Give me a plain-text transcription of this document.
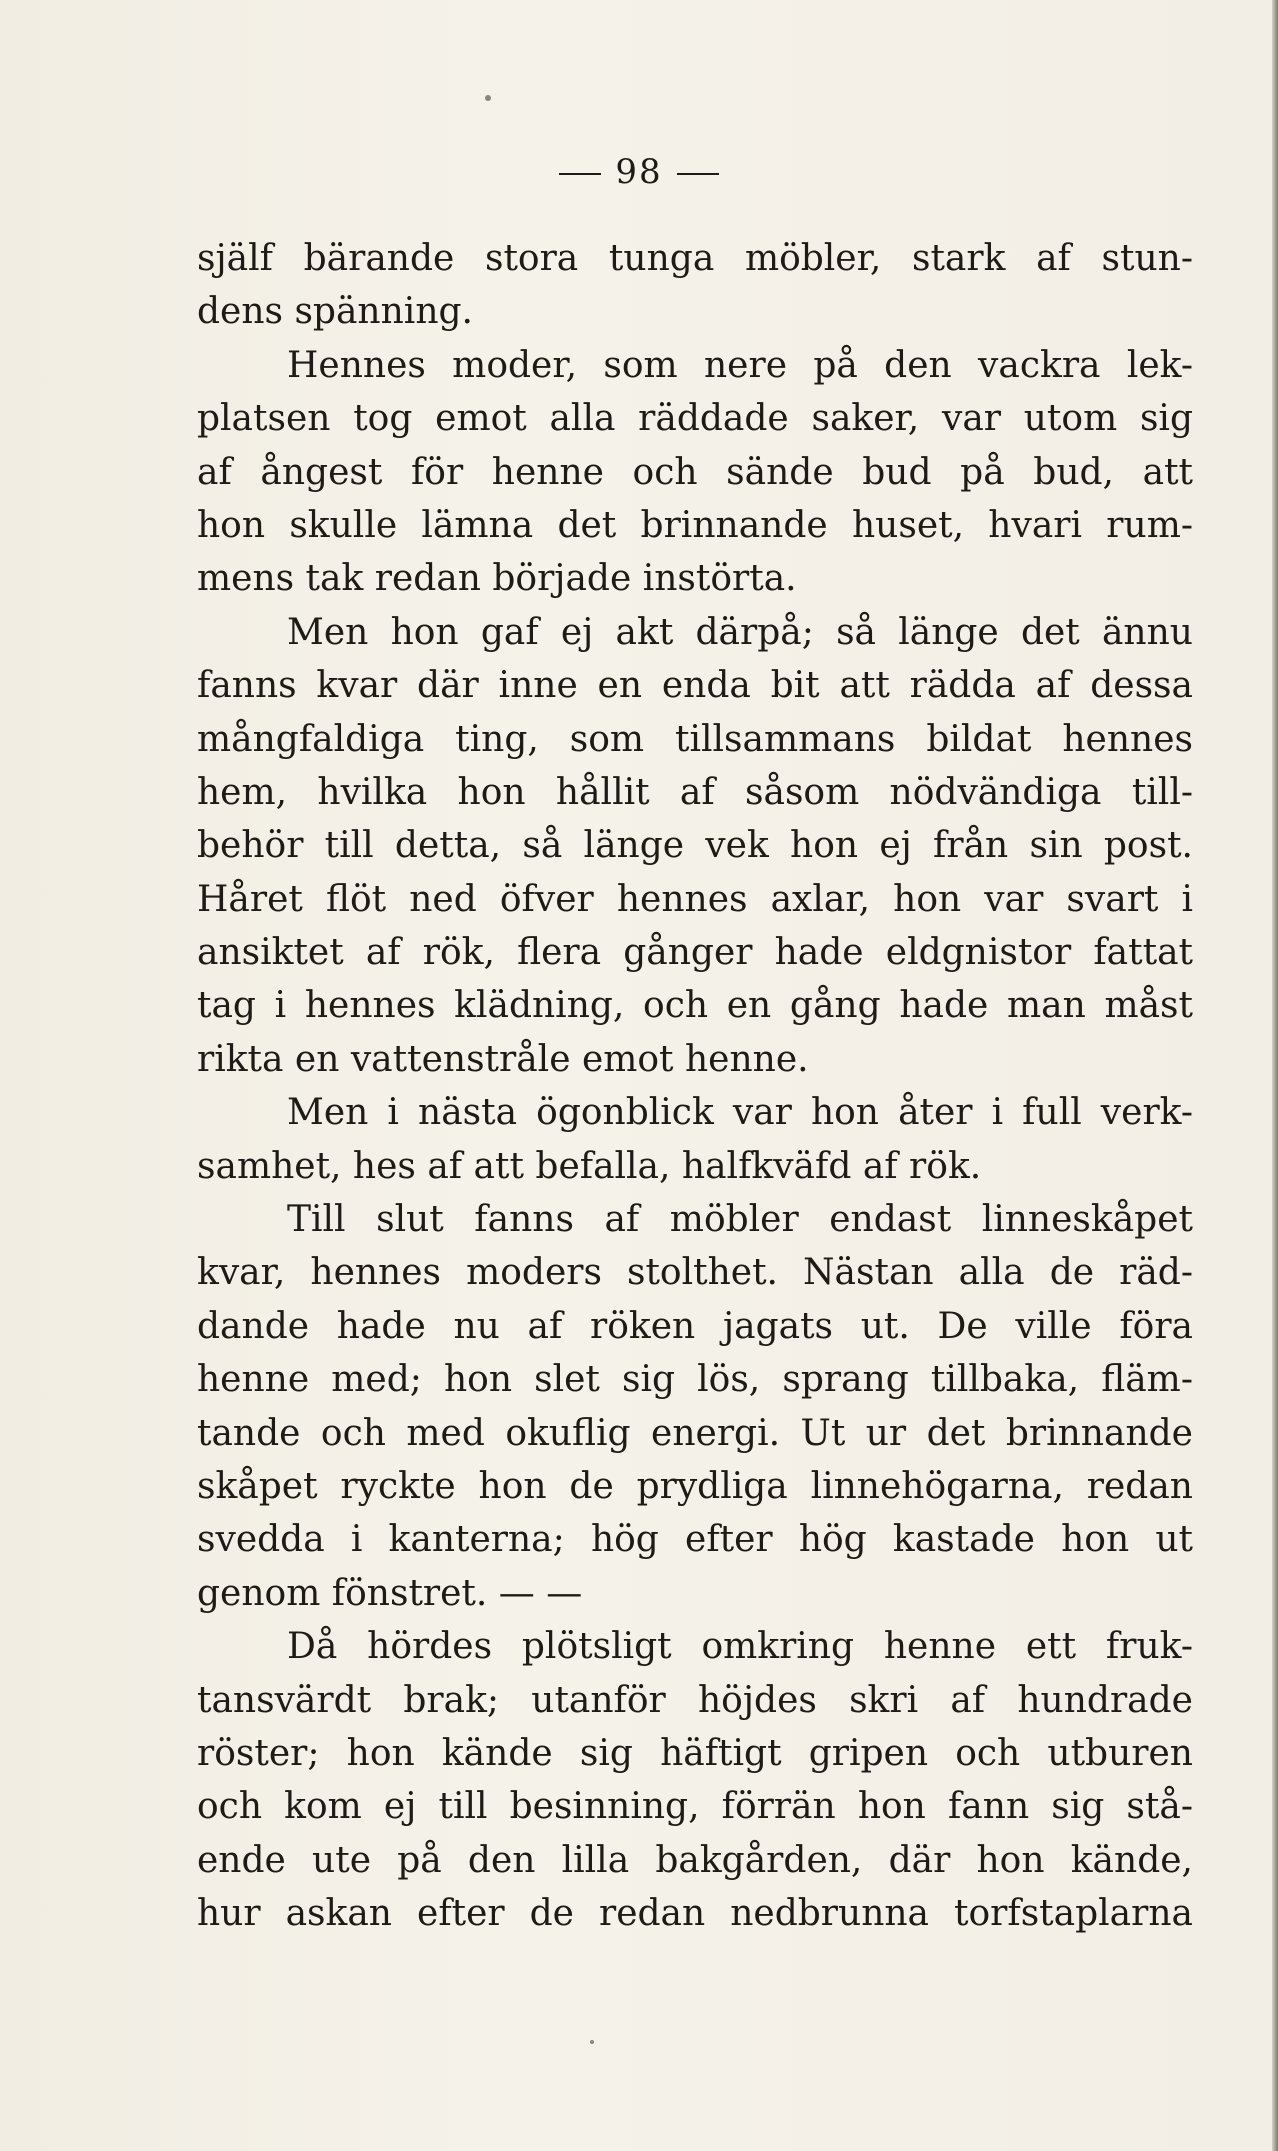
98
själf bärande stora tunga möbler, stark af stun-
dens spänning.
Hennes moder, som nere på den vackra lek-
platsen tog emot alla räddade saker, var utom sig
af ångest för henne och sände bud på bud, att
hon skulle lämna det brinnande huset, hvari rum-
mens tak redan började instörta.
Men hon gaf ej akt därpå; så länge det ännu
fanns kvar där inne en enda bit att rädda af dessa
mångfaldiga ting, som tillsammans bildat hennes
hem, hvilka hon hållit af såsom nödvändiga till-
behör till detta, så länge vek hon ej från sin post.
Håret flöt ned öfver hennes axlar, hon var svart i
ansiktet af rök, flera gånger hade eldgnistor fattat
tag i hennes klädning, och en gång hade man måst
rikta en vattenstråle emot henne.
Men i nästa ögonblick var hon åter i full verk-
samhet, hes af att befalla, halfkväfd af rök.
Till slut fanns af möbler endast linneskåpet
kvar, hennes moders stolthet. Nästan alla de räd-
dande hade nu af röken jagats ut. De ville föra
henne med; hon slet sig lös, sprang tillbaka, fläm-
tande och med okuflig energi. Ut ur det brinnande
skåpet ryckte hon de prydliga linnehögarna, redan
svedda i kanterna; hög efter hög kastade hon ut
genom fönstret. — —
Då hördes plötsligt omkring henne ett fruk-
tansvärdt brak; utanför höjdes skri af hundrade
röster; hon kände sig häftigt gripen och utburen
och kom ej till besinning, förrän hon fann sig stå-
ende ute på den lilla bakgården, där hon kände,
hur askan efter de redan nedbrunna torfstaplarna
